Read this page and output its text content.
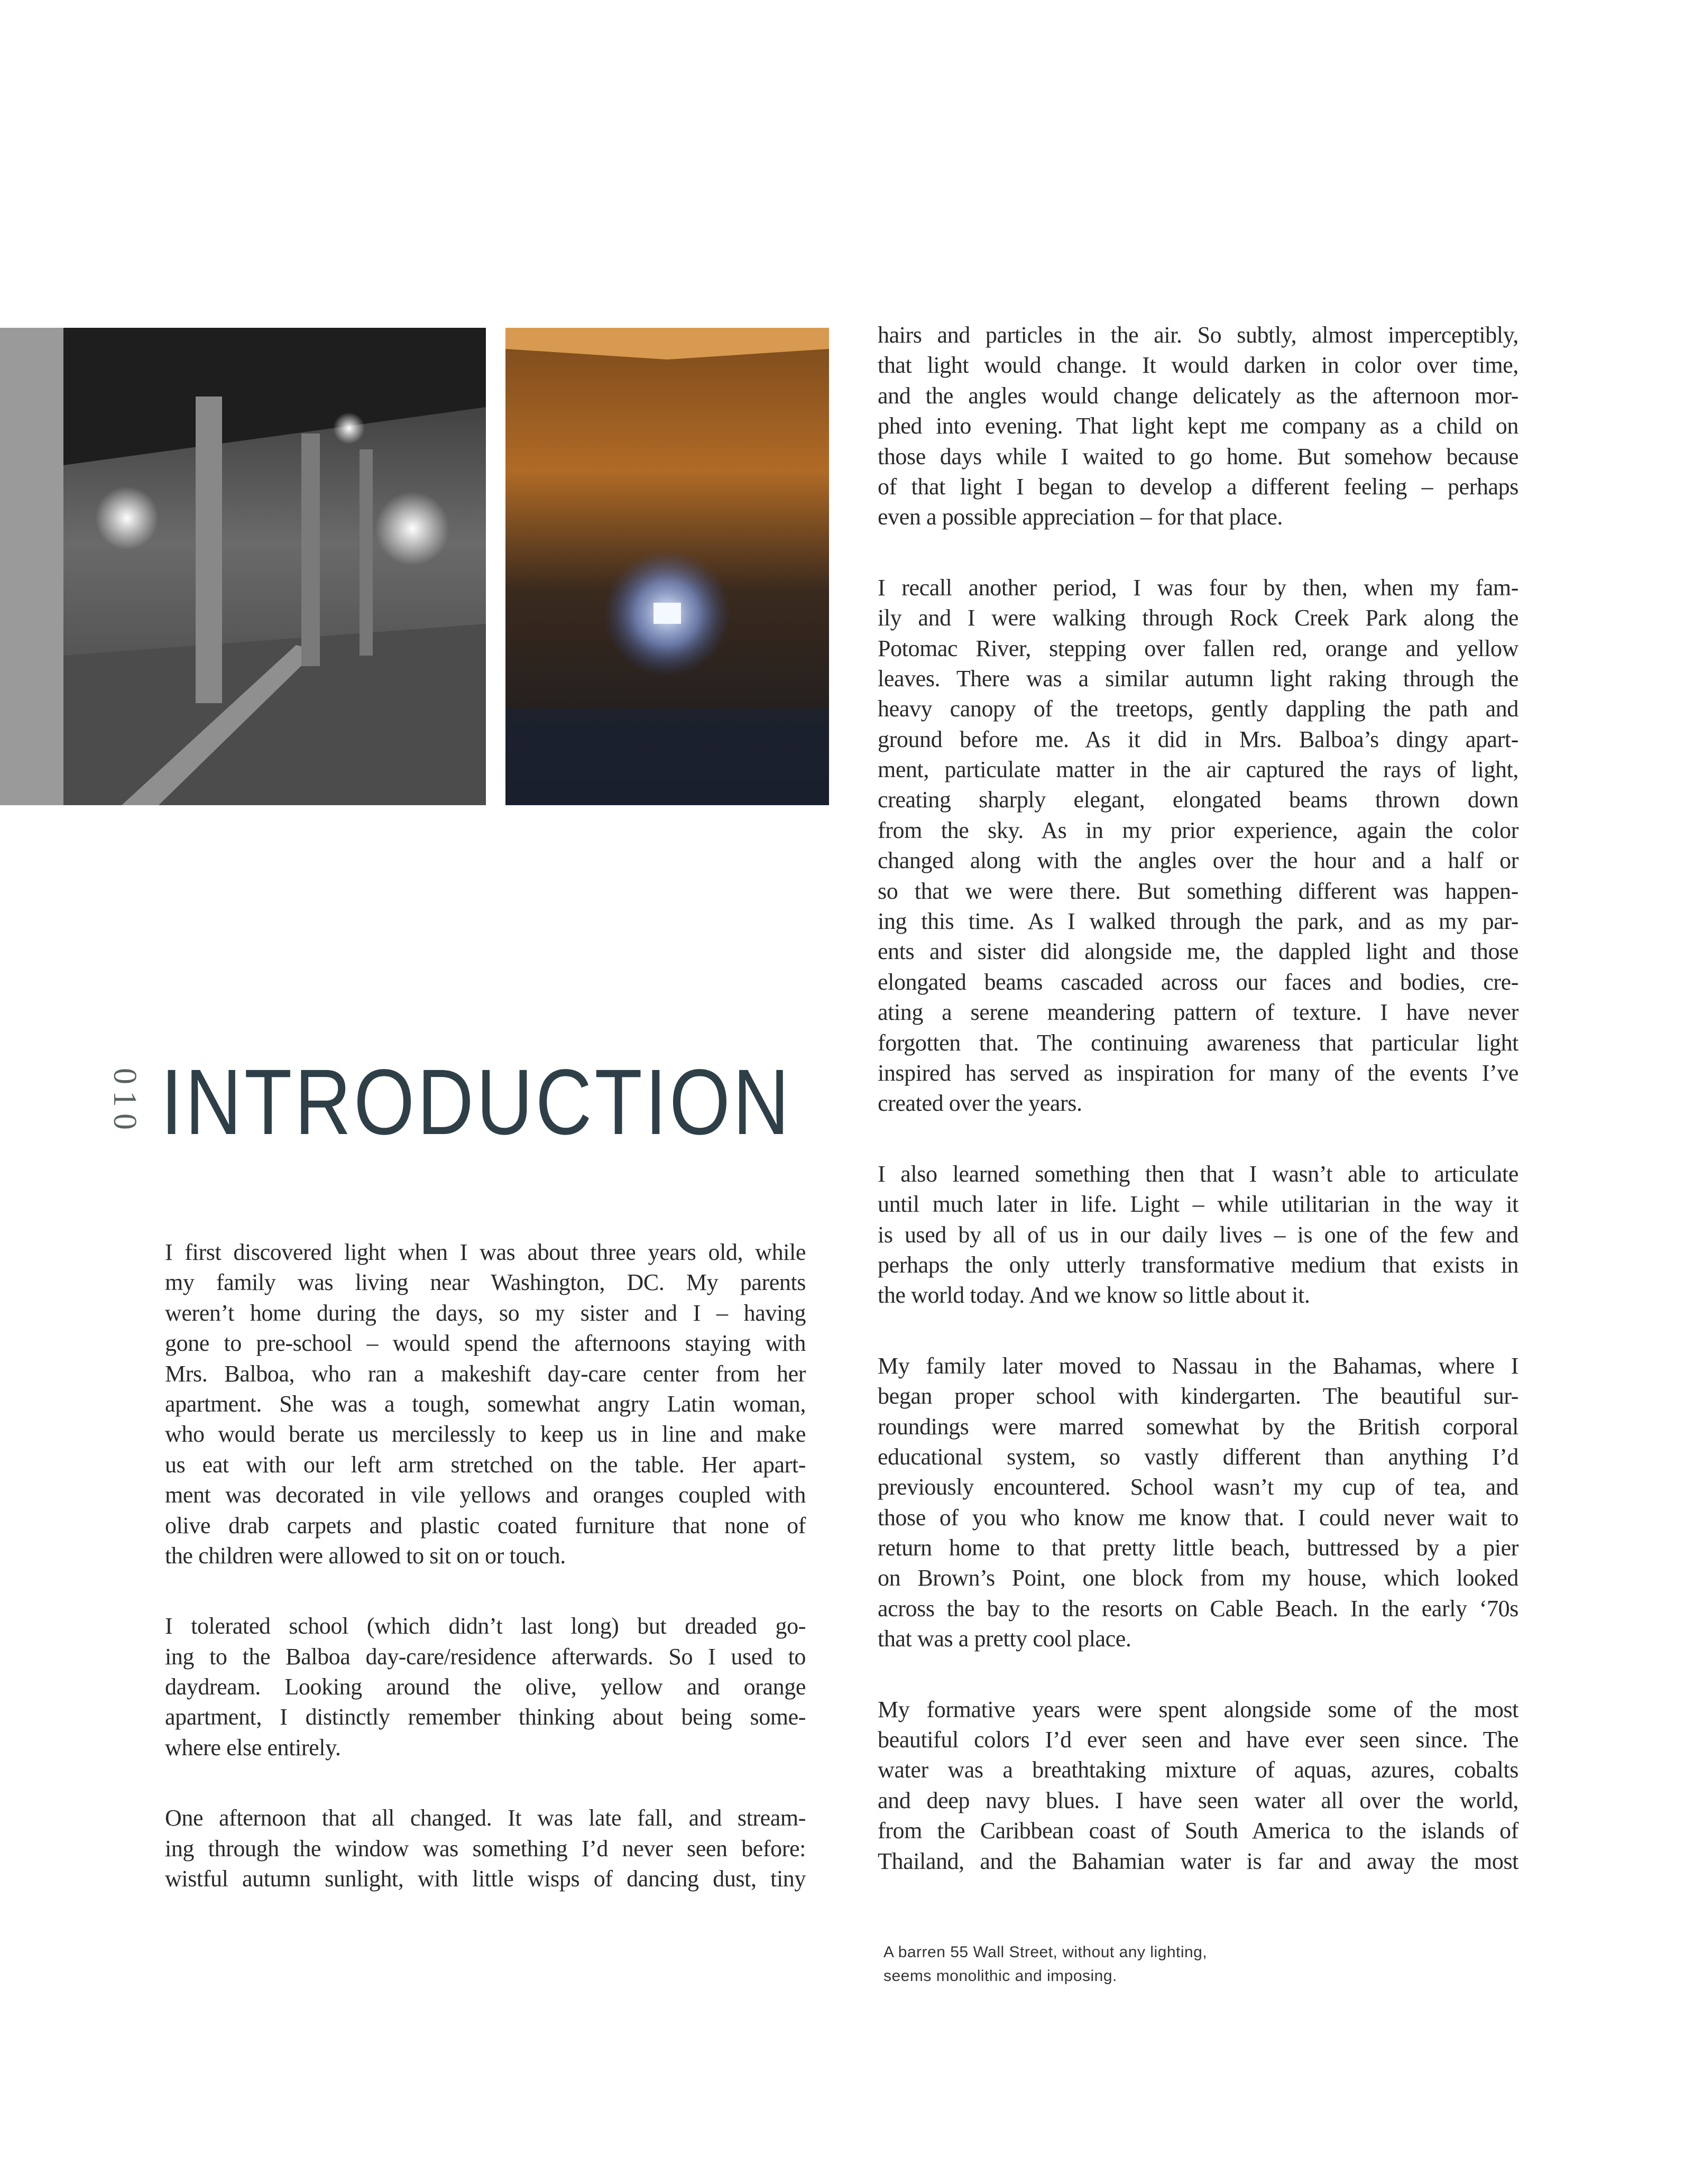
010 INTRODUCTION
I first discovered light when I was about three years old, while
my family was living near Washington, DC. My parents
weren’t home during the days, so my sister and I – having
gone to pre-school – would spend the afternoons staying with
Mrs. Balboa, who ran a makeshift day-care center from her
apartment. She was a tough, somewhat angry Latin woman,
who would berate us mercilessly to keep us in line and make
us eat with our left arm stretched on the table. Her apart-
ment was decorated in vile yellows and oranges coupled with
olive drab carpets and plastic coated furniture that none of
the children were allowed to sit on or touch.
I tolerated school (which didn’t last long) but dreaded go-
ing to the Balboa day-care/residence afterwards. So I used to
daydream. Looking around the olive, yellow and orange
apartment, I distinctly remember thinking about being some-
where else entirely.
One afternoon that all changed. It was late fall, and stream-
ing through the window was something I’d never seen before:
wistful autumn sunlight, with little wisps of dancing dust, tiny
hairs and particles in the air. So subtly, almost imperceptibly,
that light would change. It would darken in color over time,
and the angles would change delicately as the afternoon mor-
phed into evening. That light kept me company as a child on
those days while I waited to go home. But somehow because
of that light I began to develop a different feeling – perhaps
even a possible appreciation – for that place.
I recall another period, I was four by then, when my fam-
ily and I were walking through Rock Creek Park along the
Potomac River, stepping over fallen red, orange and yellow
leaves. There was a similar autumn light raking through the
heavy canopy of the treetops, gently dappling the path and
ground before me. As it did in Mrs. Balboa’s dingy apart-
ment, particulate matter in the air captured the rays of light,
creating sharply elegant, elongated beams thrown down
from the sky. As in my prior experience, again the color
changed along with the angles over the hour and a half or
so that we were there. But something different was happen-
ing this time. As I walked through the park, and as my par-
ents and sister did alongside me, the dappled light and those
elongated beams cascaded across our faces and bodies, cre-
ating a serene meandering pattern of texture. I have never
forgotten that. The continuing awareness that particular light
inspired has served as inspiration for many of the events I’ve
created over the years.
I also learned something then that I wasn’t able to articulate
until much later in life. Light – while utilitarian in the way it
is used by all of us in our daily lives – is one of the few and
perhaps the only utterly transformative medium that exists in
the world today. And we know so little about it.
My family later moved to Nassau in the Bahamas, where I
began proper school with kindergarten. The beautiful sur-
roundings were marred somewhat by the British corporal
educational system, so vastly different than anything I’d
previously encountered. School wasn’t my cup of tea, and
those of you who know me know that. I could never wait to
return home to that pretty little beach, buttressed by a pier
on Brown’s Point, one block from my house, which looked
across the bay to the resorts on Cable Beach. In the early ‘70s
that was a pretty cool place.
My formative years were spent alongside some of the most
beautiful colors I’d ever seen and have ever seen since. The
water was a breathtaking mixture of aquas, azures, cobalts
and deep navy blues. I have seen water all over the world,
from the Caribbean coast of South America to the islands of
Thailand, and the Bahamian water is far and away the most
A barren 55 Wall Street, without any lighting,
seems monolithic and imposing.
